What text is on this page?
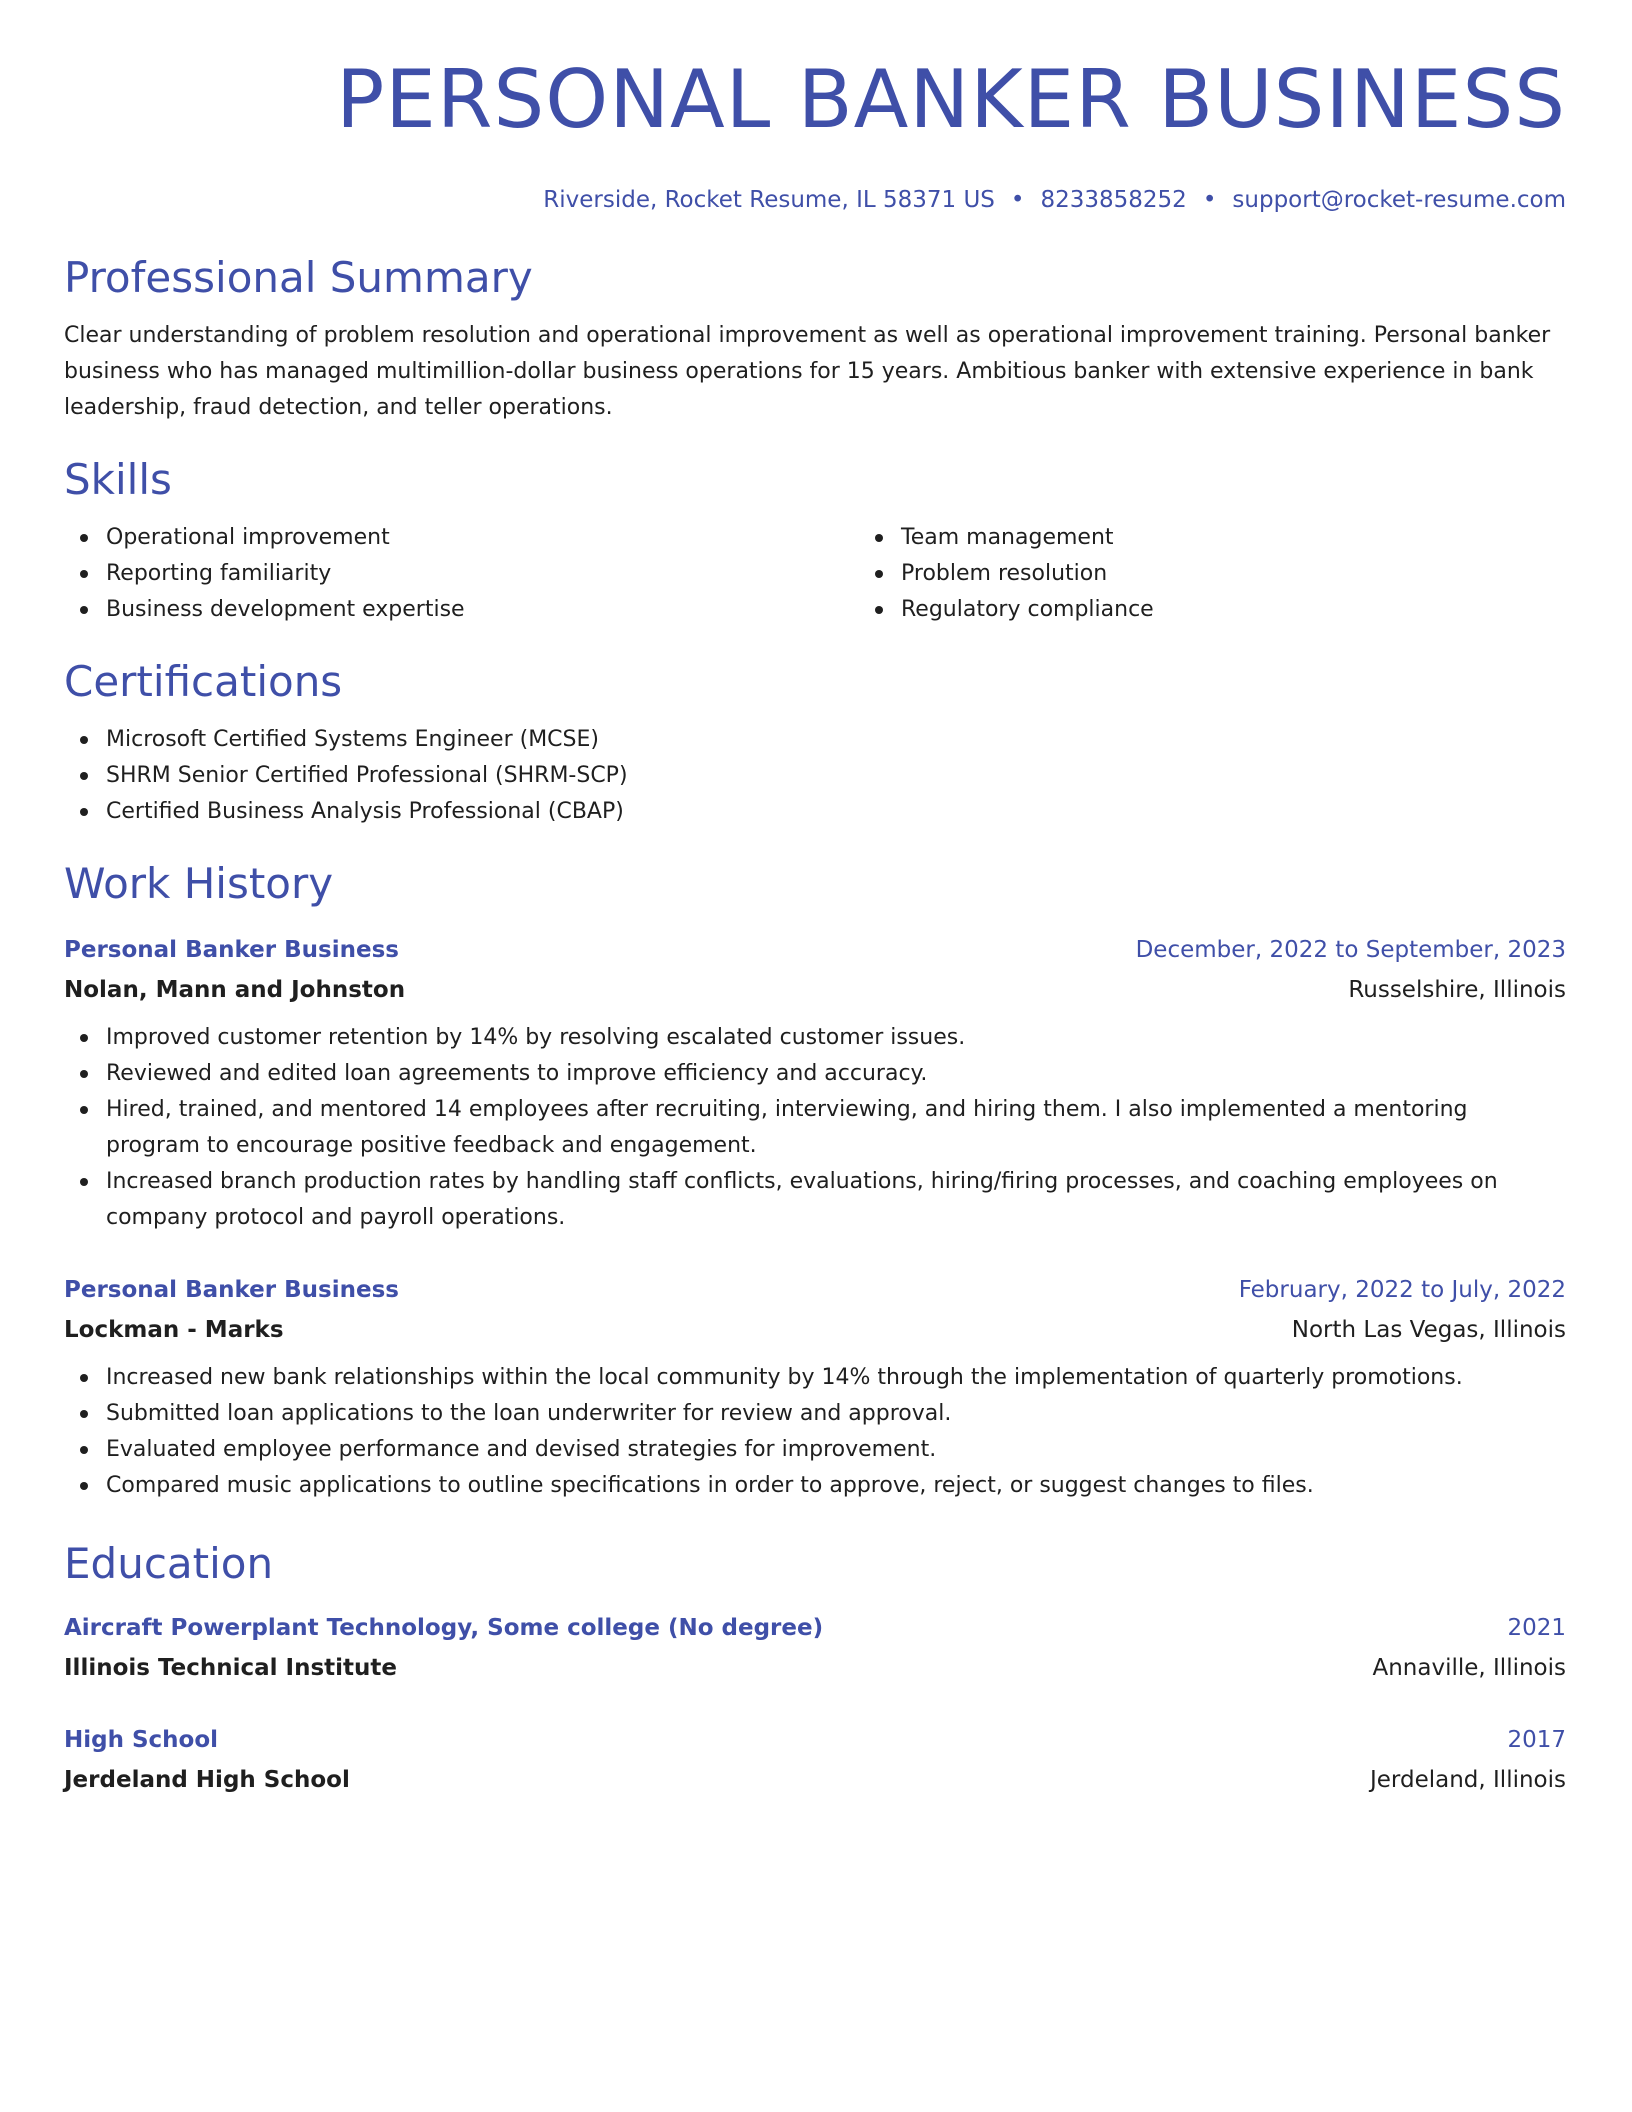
PERSONAL BANKER BUSINESS
Riverside, Rocket Resume, IL 58371 US • 8233858252 • support@rocket-resume.com
Professional Summary
Clear understanding of problem resolution and operational improvement as well as operational improvement training. Personal banker business who has managed multimillion-dollar business operations for 15 years. Ambitious banker with extensive experience in bank leadership, fraud detection, and teller operations.
Skills
Operational improvement
Reporting familiarity
Business development expertise
Team management
Problem resolution
Regulatory compliance
Certifications
Microsoft Certified Systems Engineer (MCSE)
SHRM Senior Certified Professional (SHRM-SCP)
Certified Business Analysis Professional (CBAP)
Work History
Personal Banker Business	December, 2022 to September, 2023
Nolan, Mann and Johnston	Russelshire, Illinois
Improved customer retention by 14% by resolving escalated customer issues.
Reviewed and edited loan agreements to improve efficiency and accuracy.
Hired, trained, and mentored 14 employees after recruiting, interviewing, and hiring them. I also implemented a mentoring program to encourage positive feedback and engagement.
Increased branch production rates by handling staff conflicts, evaluations, hiring/firing processes, and coaching employees on company protocol and payroll operations.
Personal Banker Business	February, 2022 to July, 2022
Lockman - Marks	North Las Vegas, Illinois
Increased new bank relationships within the local community by 14% through the implementation of quarterly promotions.
Submitted loan applications to the loan underwriter for review and approval.
Evaluated employee performance and devised strategies for improvement.
Compared music applications to outline specifications in order to approve, reject, or suggest changes to files.
Education
Aircraft Powerplant Technology, Some college (No degree)	2021
Illinois Technical Institute	Annaville, Illinois
High School	2017
Jerdeland High School	Jerdeland, Illinois
